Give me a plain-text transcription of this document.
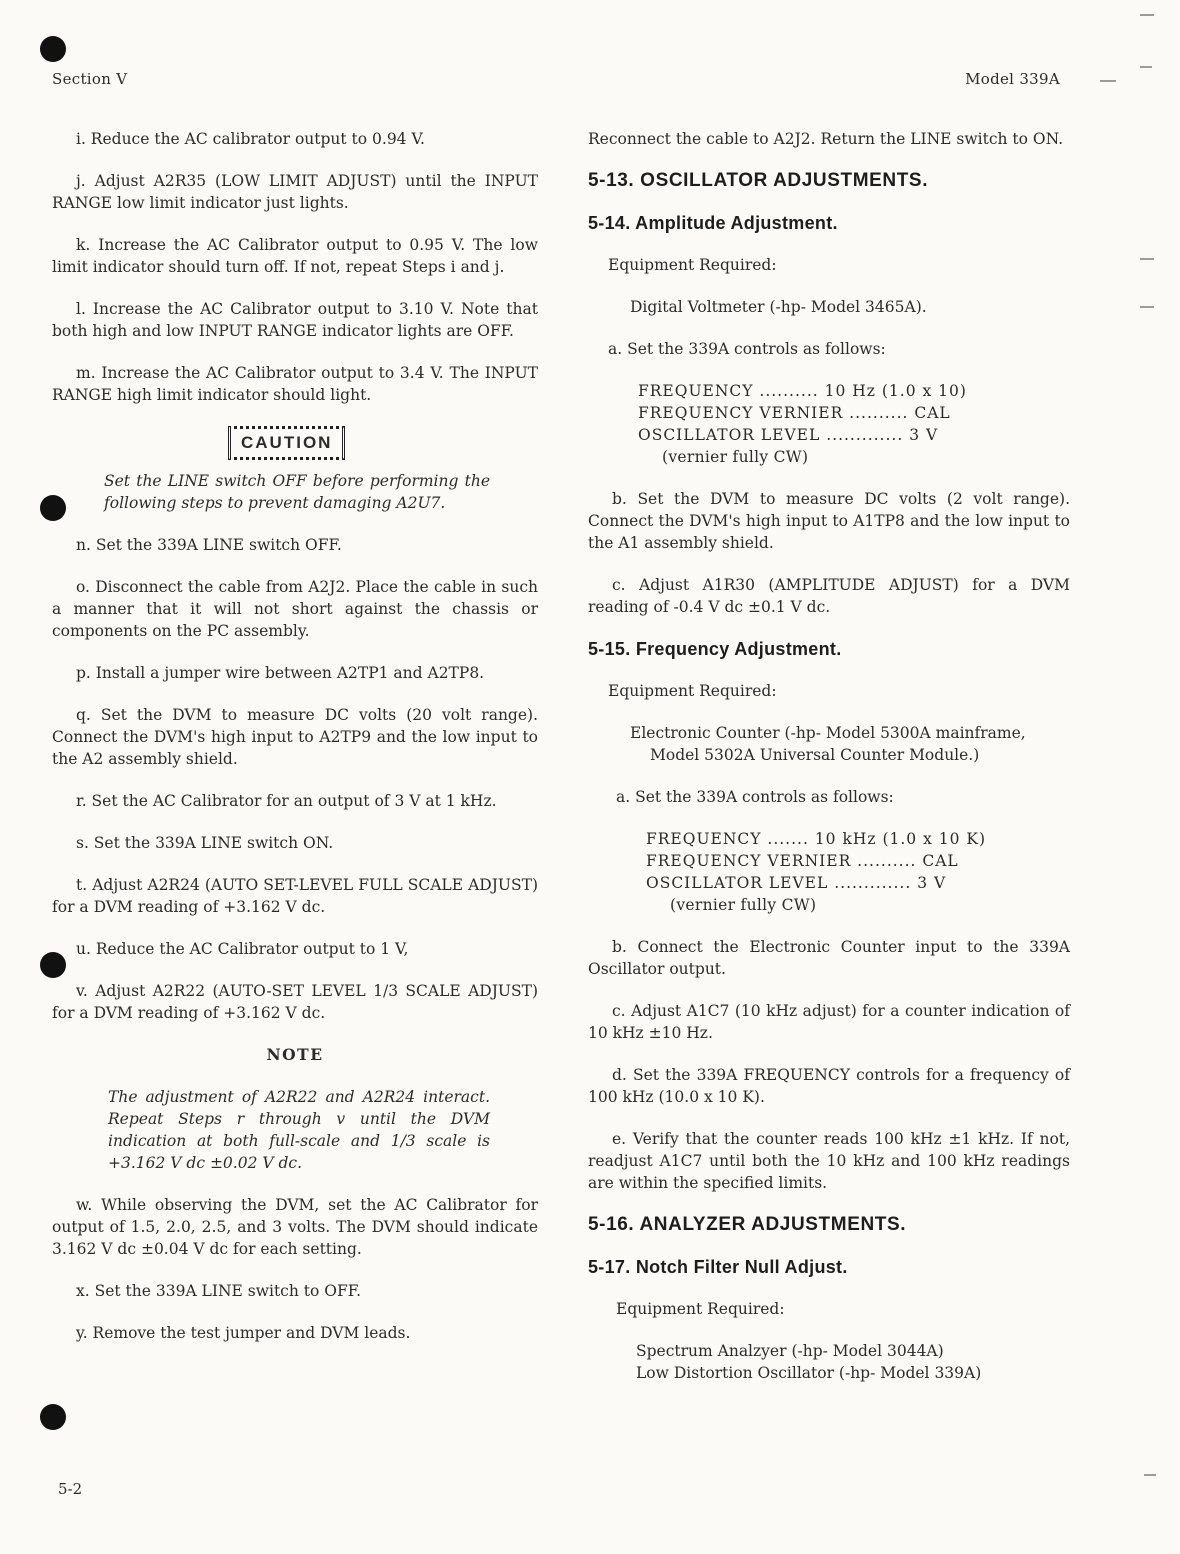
Section V	Model 339A

i. Reduce the AC calibrator output to 0.94 V.

j. Adjust A2R35 (LOW LIMIT ADJUST) until the INPUT RANGE low limit indicator just lights.

k. Increase the AC Calibrator output to 0.95 V. The low limit indicator should turn off. If not, repeat Steps i and j.

l. Increase the AC Calibrator output to 3.10 V. Note that both high and low INPUT RANGE indicator lights are OFF.

m. Increase the AC Calibrator output to 3.4 V. The INPUT RANGE high limit indicator should light.

CAUTION
Set the LINE switch OFF before performing the following steps to prevent damaging A2U7.

n. Set the 339A LINE switch OFF.

o. Disconnect the cable from A2J2. Place the cable in such a manner that it will not short against the chassis or components on the PC assembly.

p. Install a jumper wire between A2TP1 and A2TP8.

q. Set the DVM to measure DC volts (20 volt range). Connect the DVM's high input to A2TP9 and the low input to the A2 assembly shield.

r. Set the AC Calibrator for an output of 3 V at 1 kHz.

s. Set the 339A LINE switch ON.

t. Adjust A2R24 (AUTO SET-LEVEL FULL SCALE ADJUST) for a DVM reading of +3.162 V dc.

u. Reduce the AC Calibrator output to 1 V,

v. Adjust A2R22 (AUTO-SET LEVEL 1/3 SCALE ADJUST) for a DVM reading of +3.162 V dc.

NOTE
The adjustment of A2R22 and A2R24 interact. Repeat Steps r through v until the DVM indication at both full-scale and 1/3 scale is +3.162 V dc ±0.02 V dc.

w. While observing the DVM, set the AC Calibrator for output of 1.5, 2.0, 2.5, and 3 volts. The DVM should indicate 3.162 V dc ±0.04 V dc for each setting.

x. Set the 339A LINE switch to OFF.

y. Remove the test jumper and DVM leads.

Reconnect the cable to A2J2. Return the LINE switch to ON.

5-13. OSCILLATOR ADJUSTMENTS.
5-14. Amplitude Adjustment.

Equipment Required:

Digital Voltmeter (-hp- Model 3465A).

a. Set the 339A controls as follows:

FREQUENCY .......... 10 Hz (1.0 x 10)
FREQUENCY VERNIER .......... CAL
OSCILLATOR LEVEL ............. 3 V
(vernier fully CW)

b. Set the DVM to measure DC volts (2 volt range). Connect the DVM's high input to A1TP8 and the low input to the A1 assembly shield.

c. Adjust A1R30 (AMPLITUDE ADJUST) for a DVM reading of -0.4 V dc ±0.1 V dc.

5-15. Frequency Adjustment.

Equipment Required:

Electronic Counter (-hp- Model 5300A mainframe,

Model 5302A Universal Counter Module.)

a. Set the 339A controls as follows:

FREQUENCY ....... 10 kHz (1.0 x 10 K)
FREQUENCY VERNIER .......... CAL
OSCILLATOR LEVEL ............. 3 V
(vernier fully CW)

b. Connect the Electronic Counter input to the 339A Oscillator output.

c. Adjust A1C7 (10 kHz adjust) for a counter indication of 10 kHz ±10 Hz.

d. Set the 339A FREQUENCY controls for a frequency of 100 kHz (10.0 x 10 K).

e. Verify that the counter reads 100 kHz ±1 kHz. If not, readjust A1C7 until both the 10 kHz and 100 kHz readings are within the specified limits.

5-16. ANALYZER ADJUSTMENTS.
5-17. Notch Filter Null Adjust.

Equipment Required:

Spectrum Analzyer (-hp- Model 3044A)
Low Distortion Oscillator (-hp- Model 339A)
5-2
